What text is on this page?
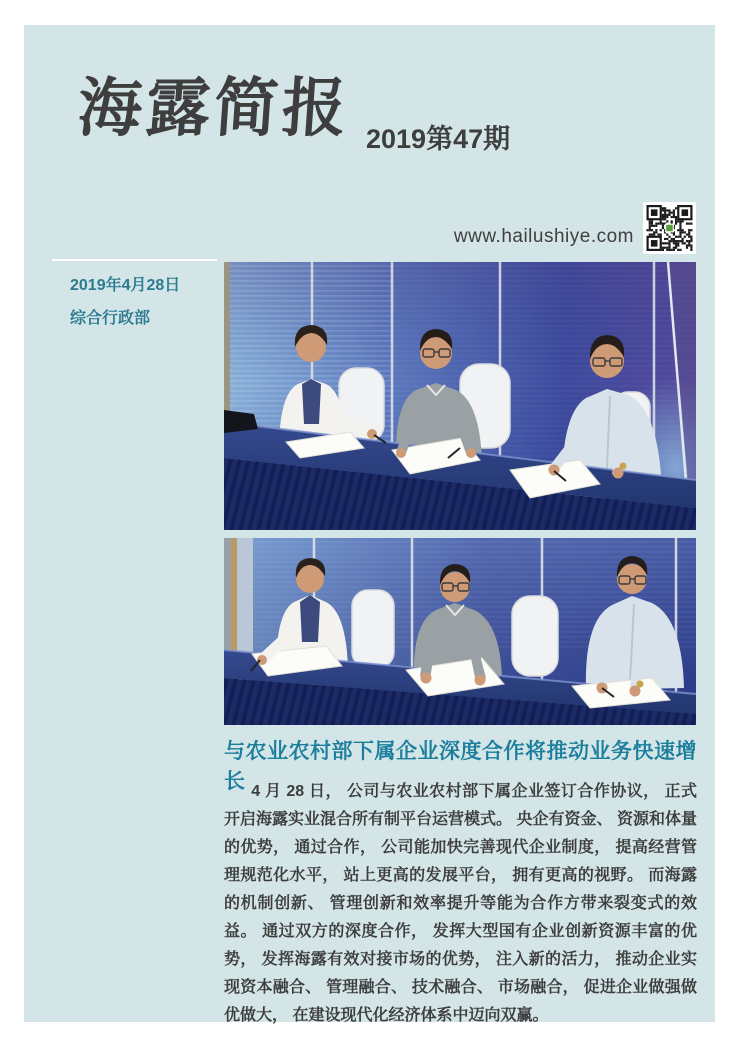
海露简报 2019第47期
www.hailushiye.com
2019年4月28日
综合行政部
与农业农村部下属企业深度合作将推动业务快速增长 4 月 28 日， 公司与农业农村部下属企业签订合作协议， 正式开启海露实业混合所有制平台运营模式。 央企有资金、 资源和体量的优势， 通过合作， 公司能加快完善现代企业制度， 提高经营管理规范化水平， 站上更高的发展平台， 拥有更高的视野。 而海露的机制创新、 管理创新和效率提升等能为合作方带来裂变式的效益。 通过双方的深度合作， 发挥大型国有企业创新资源丰富的优势， 发挥海露有效对接市场的优势， 注入新的活力， 推动企业实现资本融合、 管理融合、 技术融合、 市场融合， 促进企业做强做优做大， 在建设现代化经济体系中迈向双赢。
